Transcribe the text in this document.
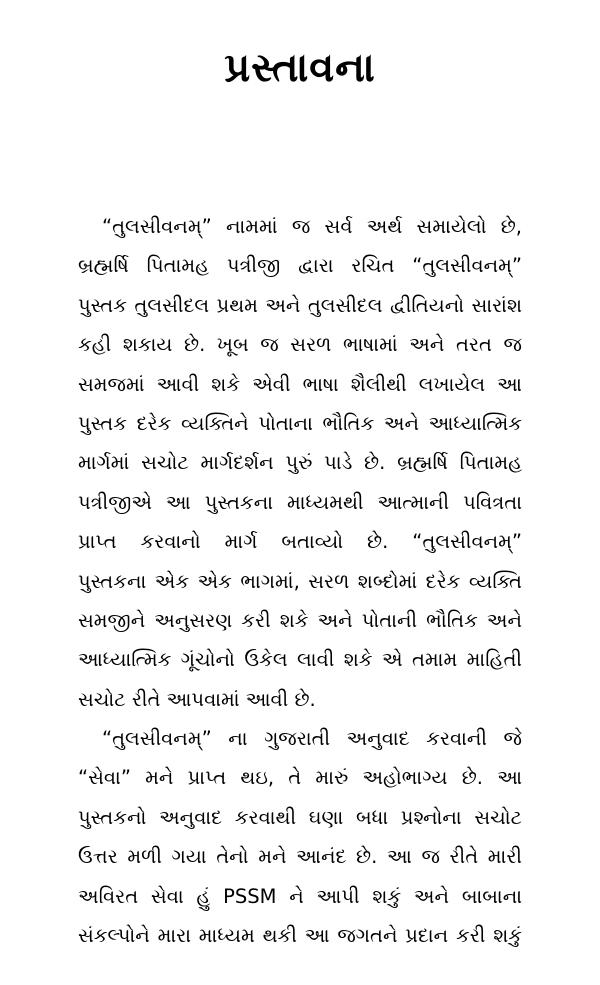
પ્રસ્તાવના
“તુલસીવનમ્” નામમાં જ સર્વ અર્થ સમાયેલો છે,
બ્રહ્મર્ષિ પિતામહ પત્રીજી દ્વારા રચિત “તુલસીવનમ્”
પુસ્તક તુલસીદલ પ્રથમ અને તુલસીદલ દ્વીતિયનો સારાંશ
કહી શકાય છે. ખૂબ જ સરળ ભાષામાં અને તરત જ
સમજમાં આવી શકે એવી ભાષા શૈલીથી લખાયેલ આ
પુસ્તક દરેક વ્યક્તિને પોતાના ભૌતિક અને આધ્યાત્મિક
માર્ગમાં સચોટ માર્ગદર્શન પુરું પાડે છે. બ્રહ્મર્ષિ પિતામહ
પત્રીજીએ આ પુસ્તકના માધ્યમથી આત્માની પવિત્રતા
પ્રાપ્ત કરવાનો માર્ગ બતાવ્યો છે. “તુલસીવનમ્”
પુસ્તકના એક એક ભાગમાં, સરળ શબ્દોમાં દરેક વ્યક્તિ
સમજીને અનુસરણ કરી શકે અને પોતાની ભૌતિક અને
આધ્યાત્મિક ગૂંચોનો ઉકેલ લાવી શકે એ તમામ માહિતી
સચોટ રીતે આપવામાં આવી છે.
“તુલસીવનમ્” ના ગુજરાતી અનુવાદ કરવાની જે
“સેવા” મને પ્રાપ્ત થઇ, તે મારું અહોભાગ્ય છે. આ
પુસ્તકનો અનુવાદ કરવાથી ઘણા બધા પ્રશ્નોના સચોટ
ઉત્તર મળી ગયા તેનો મને આનંદ છે. આ જ રીતે મારી
અવિરત સેવા હું PSSM ને આપી શકું અને બાબાના
સંકલ્પોને મારા માધ્યમ થકી આ જગતને પ્રદાન કરી શકું
